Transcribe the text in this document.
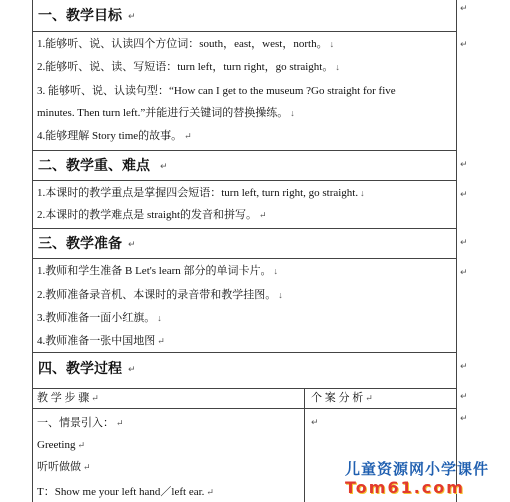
一、教学目标 ↵
1.能够听、说、认读四个方位词：south，east，west，north。 ↓
2.能够听、说、读、写短语：turn left，turn right，go straight。 ↓
3. 能够听、说、认读句型：“How can I get to the museum ?Go straight for five
minutes. Then turn left.”并能进行关键词的替换操练。 ↓
4.能够理解 Story time的故事。 ↵
二、教学重、难点 ↵
1.本课时的教学重点是掌握四会短语：turn left, turn right, go straight. ↓
2.本课时的教学难点是 straight的发音和拼写。 ↵
三、教学准备 ↵
1.教师和学生准备 B Let's learn 部分的单词卡片。 ↓
2.教师准备录音机、本课时的录音带和教学挂图。 ↓
3.教师准备一面小红旗。 ↓
4.教师准备一张中国地图 ↵
四、教学过程 ↵
教 学 步 骤 ↵	个 案 分 析 ↵
↵
一、情景引入： ↵
Greeting ↵
听听做做 ↵
T：Show me your left hand／left ear. ↵
↵
↵
↵
↵
↵
↵
↵
↵
↵
儿童资源网小学课件
Tom61.com
